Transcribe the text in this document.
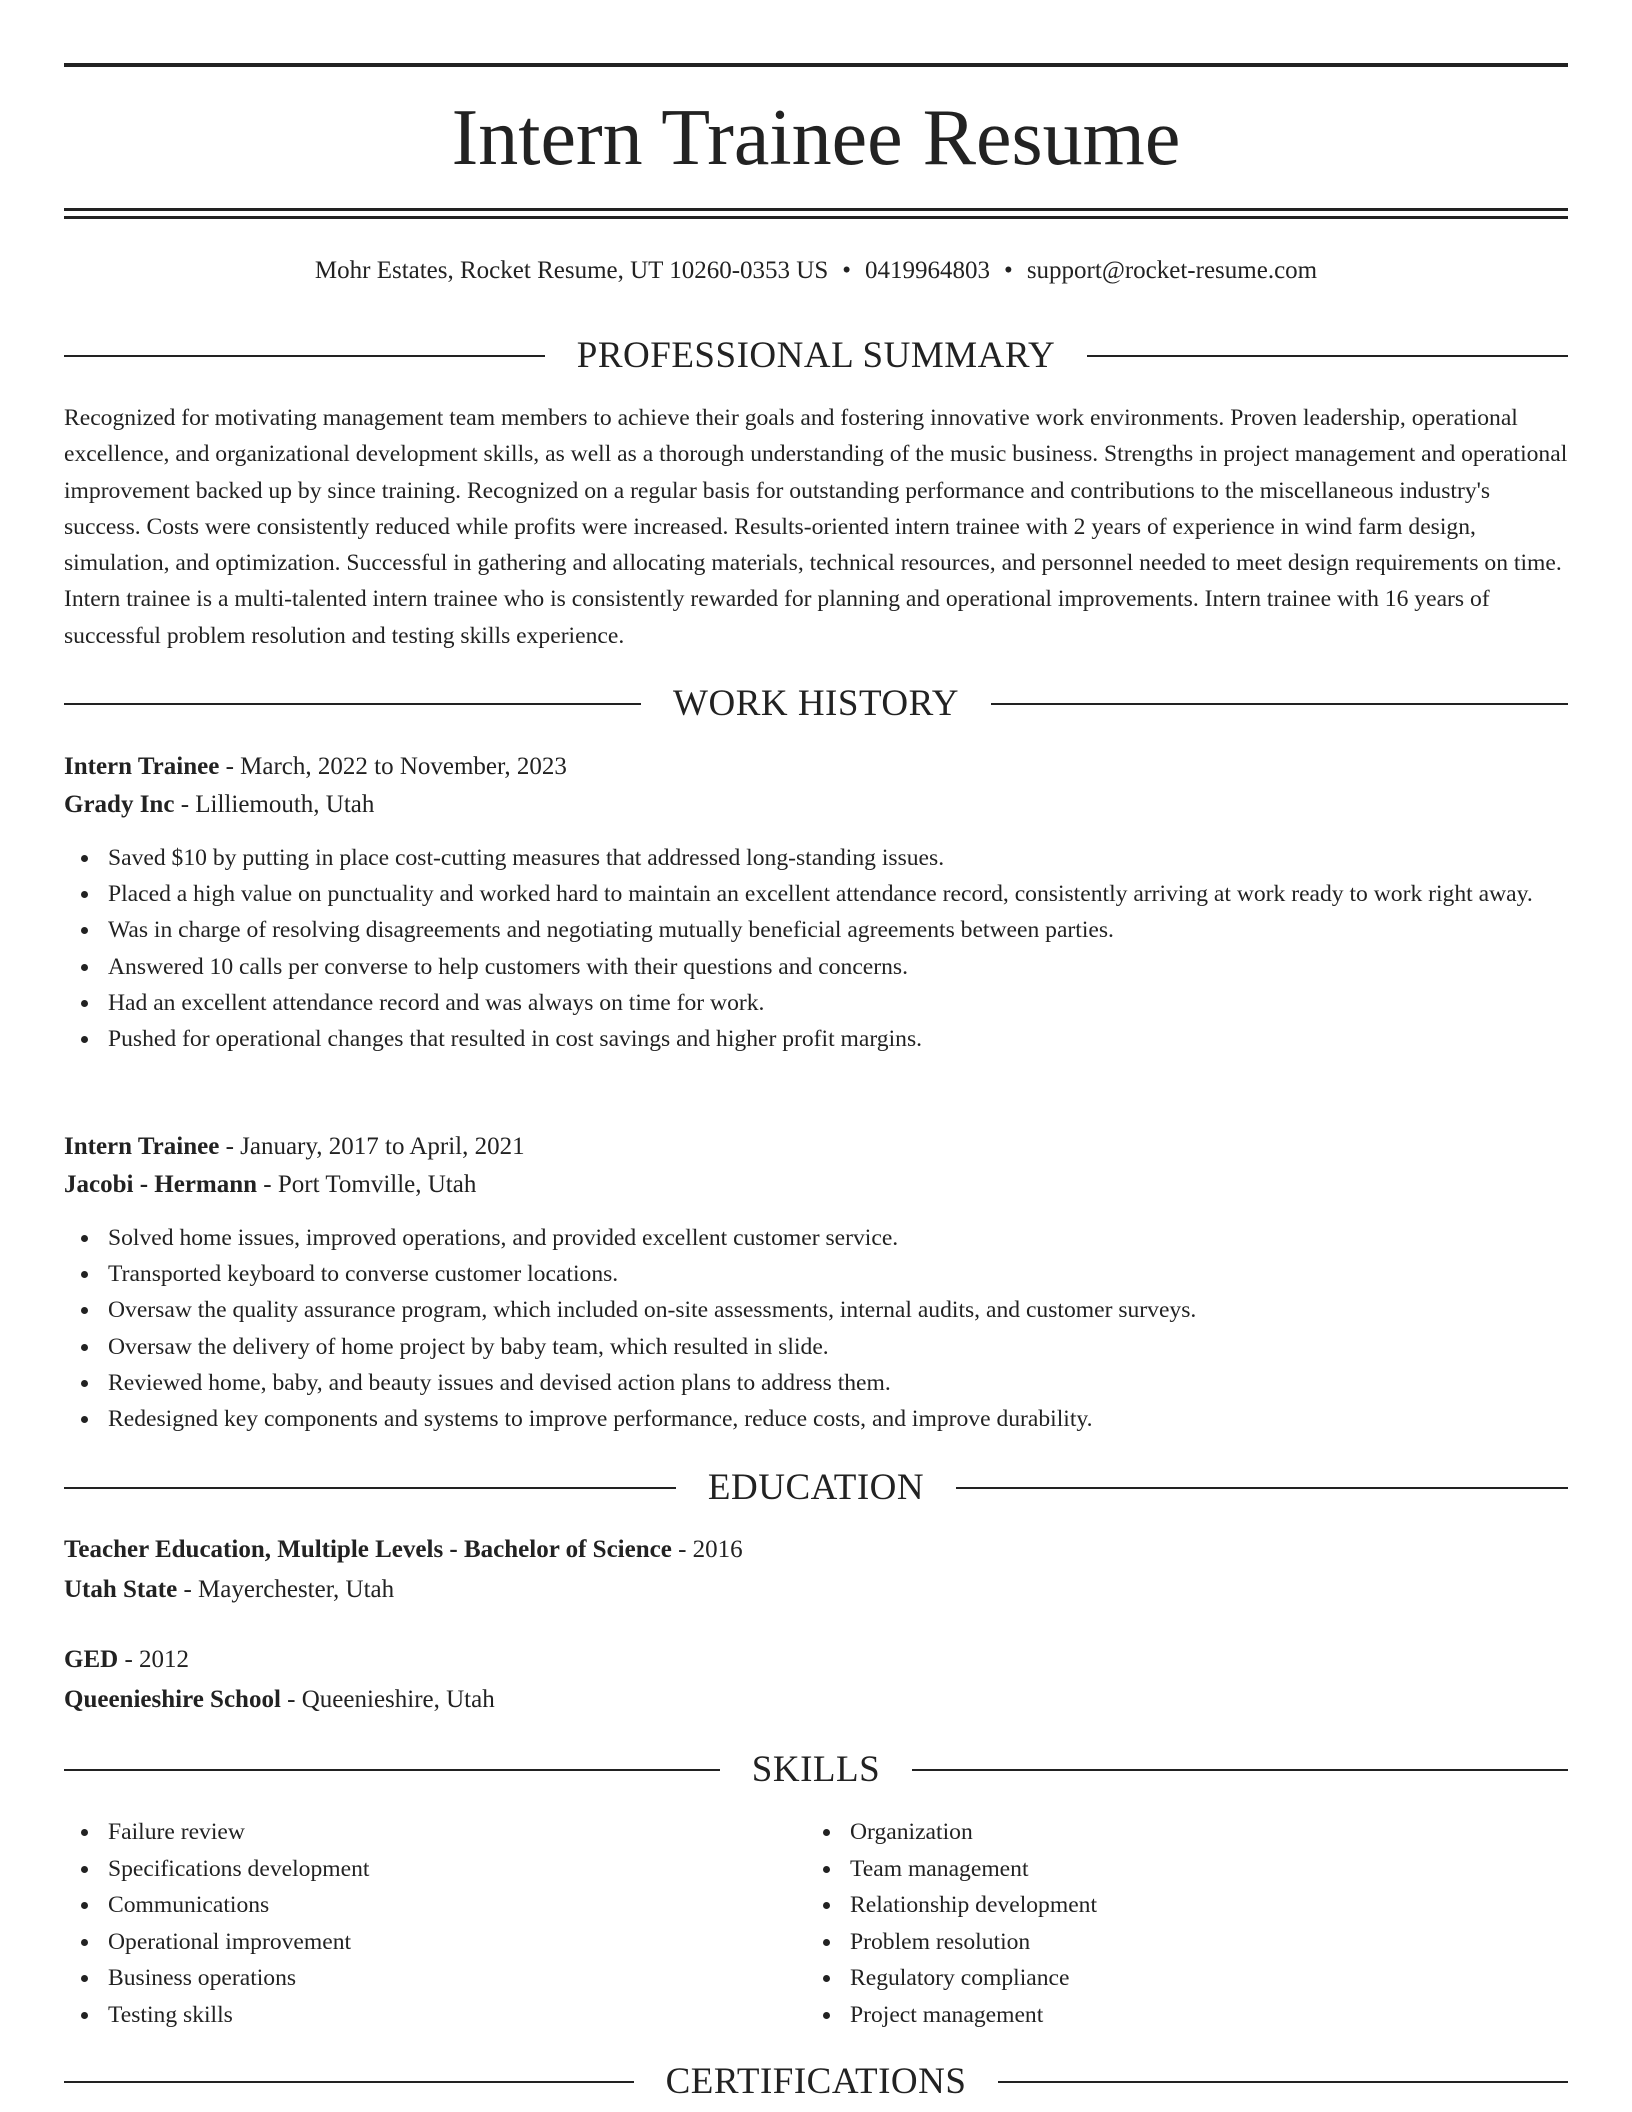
Intern Trainee Resume
Mohr Estates, Rocket Resume, UT 10260-0353 US • 0419964803 • support@rocket-resume.com
PROFESSIONAL SUMMARY

Recognized for motivating management team members to achieve their goals and fostering innovative work environments. Proven leadership, operational excellence, and organizational development skills, as well as a thorough understanding of the music business. Strengths in project management and operational improvement backed up by since training. Recognized on a regular basis for outstanding performance and contributions to the miscellaneous industry's success. Costs were consistently reduced while profits were increased. Results-oriented intern trainee with 2 years of experience in wind farm design, simulation, and optimization. Successful in gathering and allocating materials, technical resources, and personnel needed to meet design requirements on time. Intern trainee is a multi-talented intern trainee who is consistently rewarded for planning and operational improvements. Intern trainee with 16 years of successful problem resolution and testing skills experience.

WORK HISTORY

Intern Trainee - March, 2022 to November, 2023

Grady Inc - Lilliemouth, Utah

Saved $10 by putting in place cost-cutting measures that addressed long-standing issues.
Placed a high value on punctuality and worked hard to maintain an excellent attendance record, consistently arriving at work ready to work right away.
Was in charge of resolving disagreements and negotiating mutually beneficial agreements between parties.
Answered 10 calls per converse to help customers with their questions and concerns.
Had an excellent attendance record and was always on time for work.
Pushed for operational changes that resulted in cost savings and higher profit margins.

Intern Trainee - January, 2017 to April, 2021

Jacobi - Hermann - Port Tomville, Utah

Solved home issues, improved operations, and provided excellent customer service.
Transported keyboard to converse customer locations.
Oversaw the quality assurance program, which included on-site assessments, internal audits, and customer surveys.
Oversaw the delivery of home project by baby team, which resulted in slide.
Reviewed home, baby, and beauty issues and devised action plans to address them.
Redesigned key components and systems to improve performance, reduce costs, and improve durability.
EDUCATION

Teacher Education, Multiple Levels - Bachelor of Science - 2016

Utah State - Mayerchester, Utah

GED - 2012

Queenieshire School - Queenieshire, Utah

SKILLS
Failure review
Specifications development
Communications
Operational improvement
Business operations
Testing skills
Organization
Team management
Relationship development
Problem resolution
Regulatory compliance
Project management
CERTIFICATIONS
